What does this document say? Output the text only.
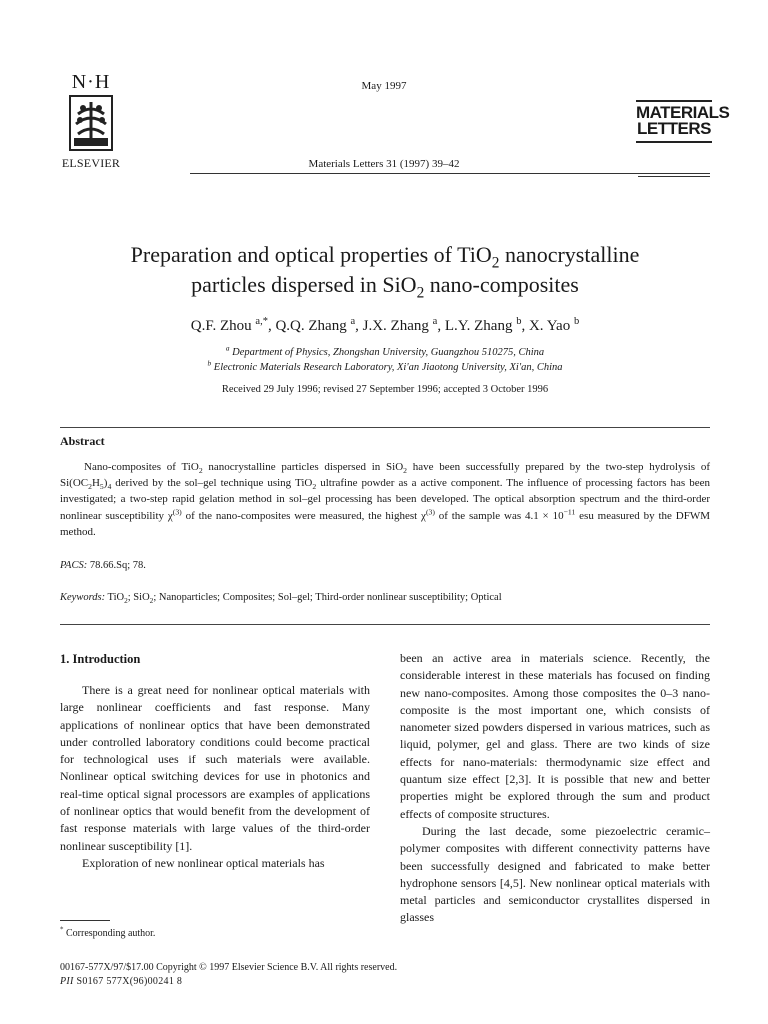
N·H
ELSEVIER
May 1997
MATERIALS
LETTERS
Materials Letters 31 (1997) 39–42
Preparation and optical properties of TiO$_2$ nanocrystalline
particles dispersed in SiO$_2$ nano-composites
Q.F. Zhou $^{a,*}$, Q.Q. Zhang $^a$, J.X. Zhang $^a$, L.Y. Zhang $^b$, X. Yao $^b$
$^a$ Department of Physics, Zhongshan University, Guangzhou 510275, China
$^b$ Electronic Materials Research Laboratory, Xi'an Jiaotong University, Xi'an, China
Received 29 July 1996; revised 27 September 1996; accepted 3 October 1996
Abstract
Nano-composites of TiO$_2$ nanocrystalline particles dispersed in SiO$_2$ have been successfully prepared by the two-step hydrolysis of $Si(OC_2H_5)_4$ derived by the sol–gel technique using TiO$_2$ ultrafine powder as a active component. The influence of processing factors has been investigated; a two-step rapid gelation method in sol–gel processing has been developed. The optical absorption spectrum and the third-order nonlinear susceptibility $\chi^{(3)}$ of the nano-composites were measured, the highest $\chi^{(3)}$ of the sample was $4.1 \times 10^{-11}$ esu measured by the DFWM method.
PACS: 78.66.Sq; 78.
Keywords: TiO$_2$; SiO$_2$; Nanoparticles; Composites; Sol–gel; Third-order nonlinear susceptibility; Optical

1. Introduction

There is a great need for nonlinear optical materials with large nonlinear coefficients and fast response. Many applications of nonlinear optics that have been demonstrated under controlled laboratory conditions could become practical for technological uses if such materials were available. Nonlinear optical switching devices for use in photonics and real-time optical signal processors are examples of applications of nonlinear optics that would benefit from the development of fast response materials with large values of the third-order nonlinear susceptibility [1].

Exploration of new nonlinear optical materials has

been an active area in materials science. Recently, the considerable interest in these materials has focused on finding new nano-composites. Among those composites the 0–3 nano-composite is the most important one, which consists of nanometer sized powders dispersed in various matrices, such as liquid, polymer, gel and glass. There are two kinds of size effects for nano-materials: thermodynamic size effect and quantum size effect [2,3]. It is possible that new and better properties might be explored through the sum and product effects of composite structures.

During the last decade, some piezoelectric ceramic–polymer composites with different connectivity patterns have been successfully designed and fabricated to make better hydrophone sensors [4,5]. New nonlinear optical materials with metal particles and semiconductor crystallites dispersed in glasses

* Corresponding author.
00167-577X/97/$17.00 Copyright © 1997 Elsevier Science B.V. All rights reserved.
PII S0167 577X(96)00241 8
